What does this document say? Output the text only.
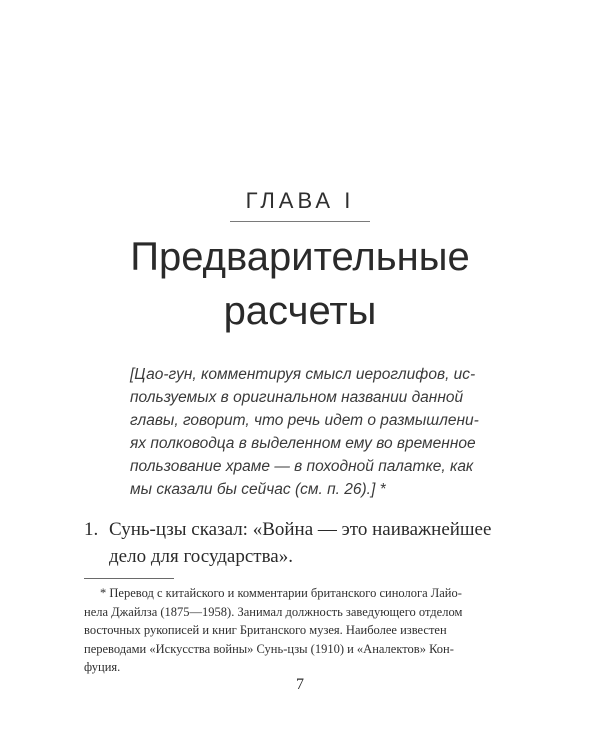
ГЛАВА I
Предварительные
расчеты
[Цао-гун, комментируя смысл иероглифов, ис-
пользуемых в оригинальном названии данной
главы, говорит, что речь идет о размышлени-
ях полководца в выделенном ему во временное
пользование храме — в походной палатке, как
мы сказали бы сейчас (см. п. 26).] *
1. Сунь-цзы сказал: «Война — это наиважнейшее
дело для государства».
* Перевод с китайского и комментарии британского синолога Лайо-
нела Джайлза (1875—1958). Занимал должность заведующего отделом
восточных рукописей и книг Британского музея. Наиболее известен
переводами «Искусства войны» Сунь-цзы (1910) и «Аналектов» Кон-
фуция.
7
